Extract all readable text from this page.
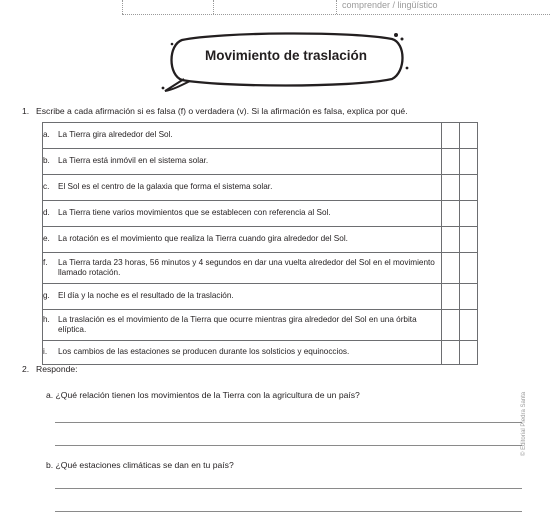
comprender / lingüístico
Movimiento de traslación
1. Escribe a cada afirmación si es falsa (f) o verdadera (v). Si la afirmación es falsa, explica por qué.
a. La Tierra gira alrededor del Sol.		

b. La Tierra está inmóvil en el sistema solar.		

c. El Sol es el centro de la galaxia que forma el sistema solar.		

d. La Tierra tiene varios movimientos que se establecen con referencia al Sol.		

e. La rotación es el movimiento que realiza la Tierra cuando gira alrededor del Sol.		

f. La Tierra tarda 23 horas, 56 minutos y 4 segundos en dar una vuelta alrededor del Sol en el movimiento llamado rotación.		

g. El día y la noche es el resultado de la traslación.		

h. La traslación es el movimiento de la Tierra que ocurre mientras gira alrededor del Sol en una órbita elíptica.		

i. Los cambios de las estaciones se producen durante los solsticios y equinoccios.		

2. Responde:
a. ¿Qué relación tienen los movimientos de la Tierra con la agricultura de un país?
b. ¿Qué estaciones climáticas se dan en tu país?
© Editorial Piedra Santa
